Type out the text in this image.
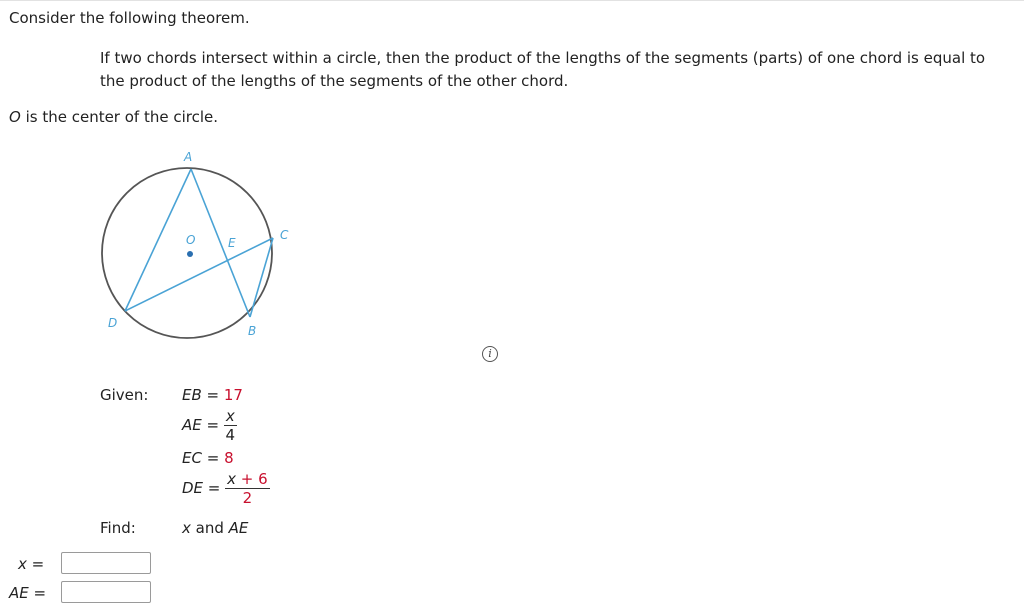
Consider the following theorem.
If two chords intersect within a circle, then the product of the lengths of the segments (parts) of one chord is equal to
the product of the lengths of the segments of the other chord.
O is the center of the circle.
A
O	E
C
D
B
i
Given: EB = 17
AE = $\frac{x}{4}$
EC = 8
DE = $\frac{x + 6}{2}$
Find:	x and AE
x =
AE =
